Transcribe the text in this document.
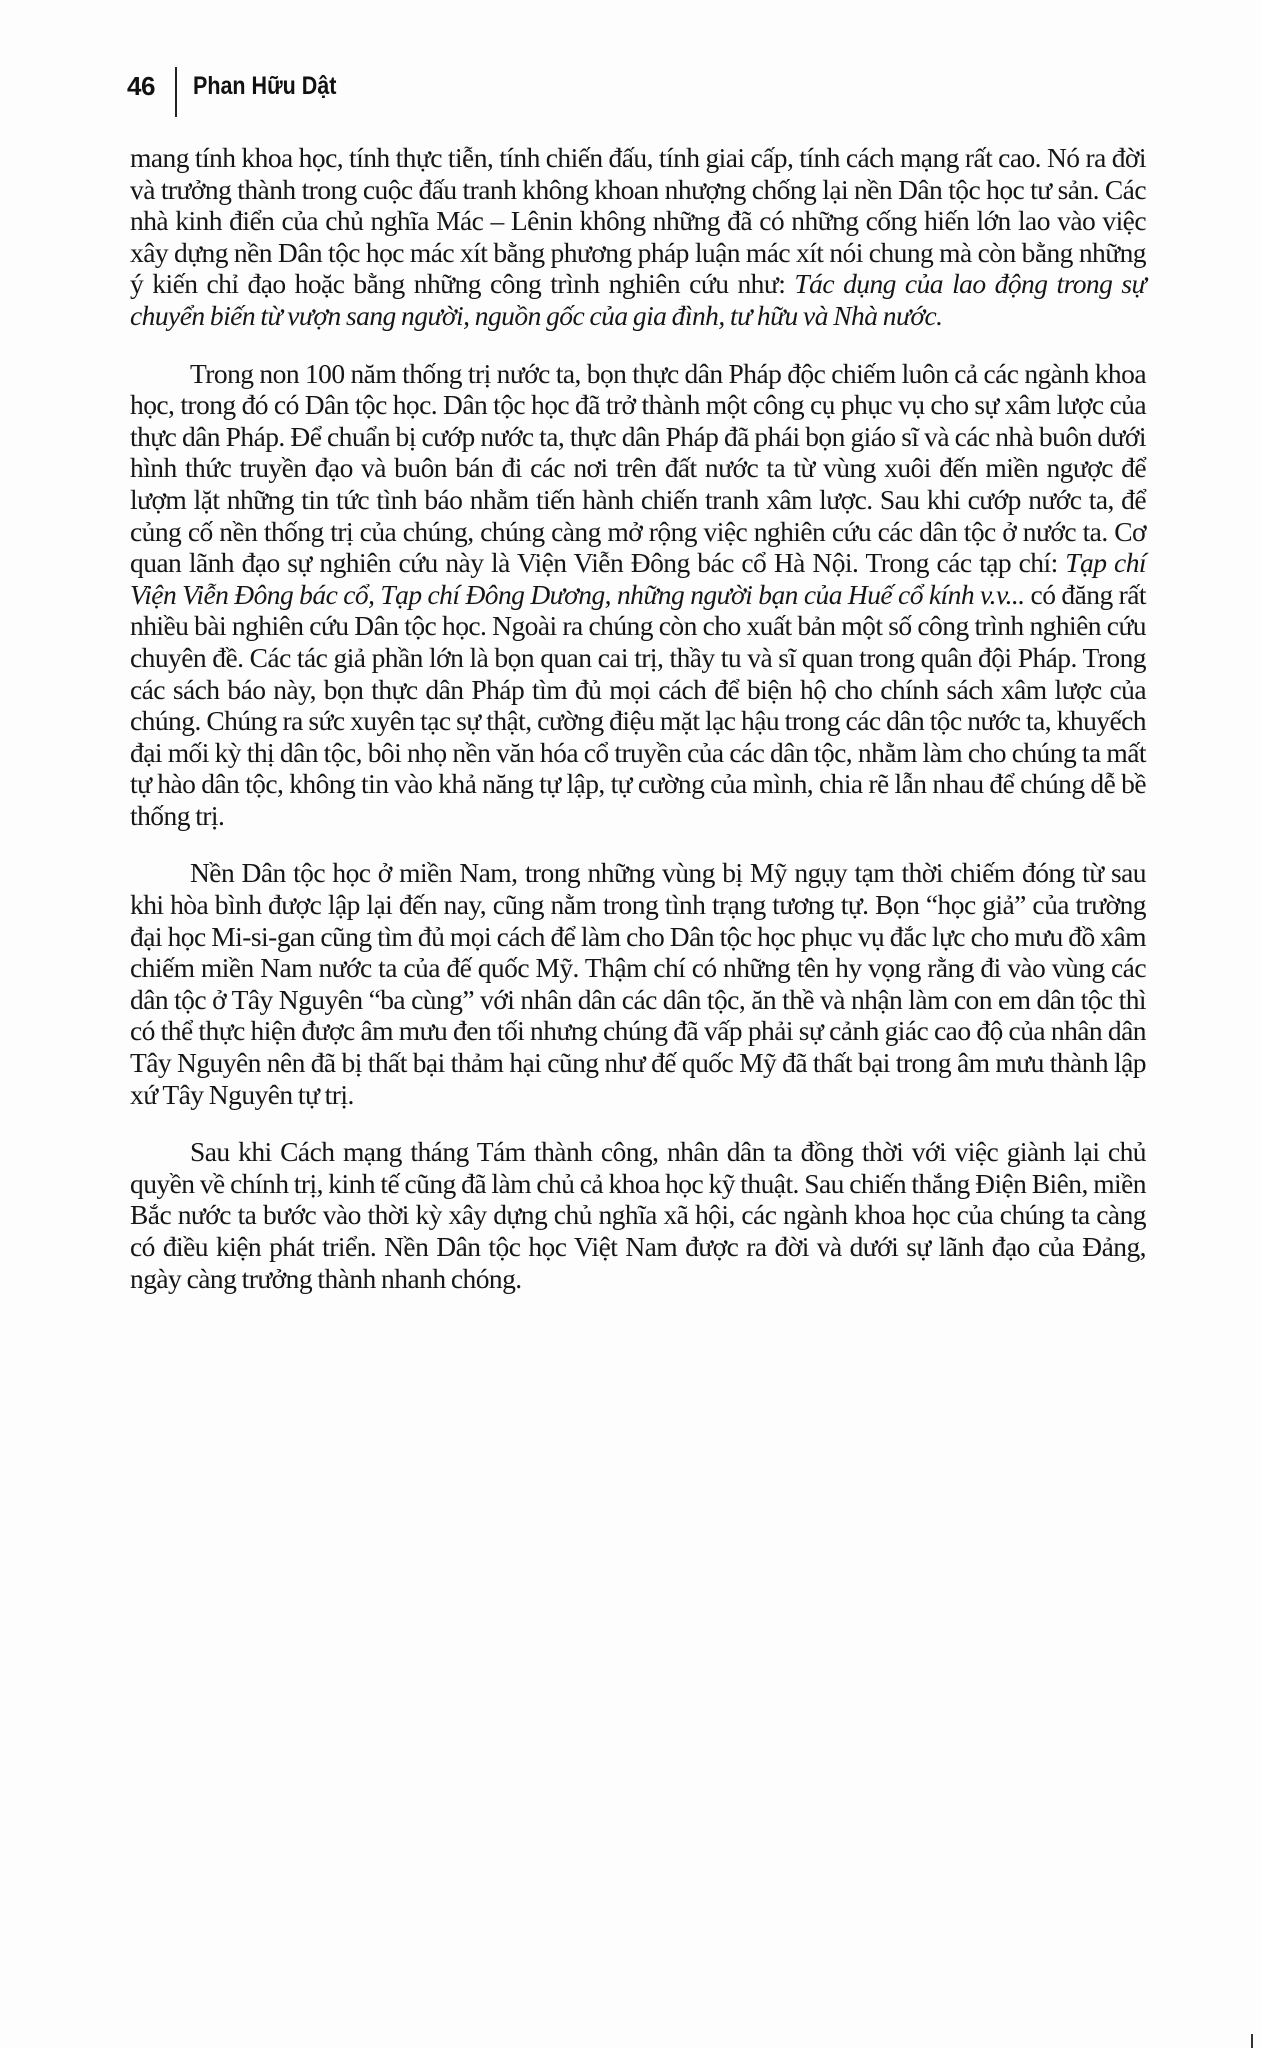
46 Phan Hữu Dật

mang tính khoa học, tính thực tiễn, tính chiến đấu, tính giai cấp, tính cách mạng rất cao. Nó ra đời và trưởng thành trong cuộc đấu tranh không khoan nhượng chống lại nền Dân tộc học tư sản. Các nhà kinh điển của chủ nghĩa Mác – Lênin không những đã có những cống hiến lớn lao vào việc xây dựng nền Dân tộc học mác xít bằng phương pháp luận mác xít nói chung mà còn bằng những ý kiến chỉ đạo hoặc bằng những công trình nghiên cứu như: Tác dụng của lao động trong sự chuyển biến từ vượn sang người, nguồn gốc của gia đình, tư hữu và Nhà nước.

Trong non 100 năm thống trị nước ta, bọn thực dân Pháp độc chiếm luôn cả các ngành khoa học, trong đó có Dân tộc học. Dân tộc học đã trở thành một công cụ phục vụ cho sự xâm lược của thực dân Pháp. Để chuẩn bị cướp nước ta, thực dân Pháp đã phái bọn giáo sĩ và các nhà buôn dưới hình thức truyền đạo và buôn bán đi các nơi trên đất nước ta từ vùng xuôi đến miền ngược để lượm lặt những tin tức tình báo nhằm tiến hành chiến tranh xâm lược. Sau khi cướp nước ta, để củng cố nền thống trị của chúng, chúng càng mở rộng việc nghiên cứu các dân tộc ở nước ta. Cơ quan lãnh đạo sự nghiên cứu này là Viện Viễn Đông bác cổ Hà Nội. Trong các tạp chí: Tạp chí Viện Viễn Đông bác cổ, Tạp chí Đông Dương, những người bạn của Huế cổ kính v.v... có đăng rất nhiều bài nghiên cứu Dân tộc học. Ngoài ra chúng còn cho xuất bản một số công trình nghiên cứu chuyên đề. Các tác giả phần lớn là bọn quan cai trị, thầy tu và sĩ quan trong quân đội Pháp. Trong các sách báo này, bọn thực dân Pháp tìm đủ mọi cách để biện hộ cho chính sách xâm lược của chúng. Chúng ra sức xuyên tạc sự thật, cường điệu mặt lạc hậu trong các dân tộc nước ta, khuyếch đại mối kỳ thị dân tộc, bôi nhọ nền văn hóa cổ truyền của các dân tộc, nhằm làm cho chúng ta mất tự hào dân tộc, không tin vào khả năng tự lập, tự cường của mình, chia rẽ lẫn nhau để chúng dễ bề thống trị.

Nền Dân tộc học ở miền Nam, trong những vùng bị Mỹ ngụy tạm thời chiếm đóng từ sau khi hòa bình được lập lại đến nay, cũng nằm trong tình trạng tương tự. Bọn “học giả” của trường đại học Mi-si-gan cũng tìm đủ mọi cách để làm cho Dân tộc học phục vụ đắc lực cho mưu đồ xâm chiếm miền Nam nước ta của đế quốc Mỹ. Thậm chí có những tên hy vọng rằng đi vào vùng các dân tộc ở Tây Nguyên “ba cùng” với nhân dân các dân tộc, ăn thề và nhận làm con em dân tộc thì có thể thực hiện được âm mưu đen tối nhưng chúng đã vấp phải sự cảnh giác cao độ của nhân dân Tây Nguyên nên đã bị thất bại thảm hại cũng như đế quốc Mỹ đã thất bại trong âm mưu thành lập xứ Tây Nguyên tự trị.

Sau khi Cách mạng tháng Tám thành công, nhân dân ta đồng thời với việc giành lại chủ quyền về chính trị, kinh tế cũng đã làm chủ cả khoa học kỹ thuật. Sau chiến thắng Điện Biên, miền Bắc nước ta bước vào thời kỳ xây dựng chủ nghĩa xã hội, các ngành khoa học của chúng ta càng có điều kiện phát triển. Nền Dân tộc học Việt Nam được ra đời và dưới sự lãnh đạo của Đảng, ngày càng trưởng thành nhanh chóng.
